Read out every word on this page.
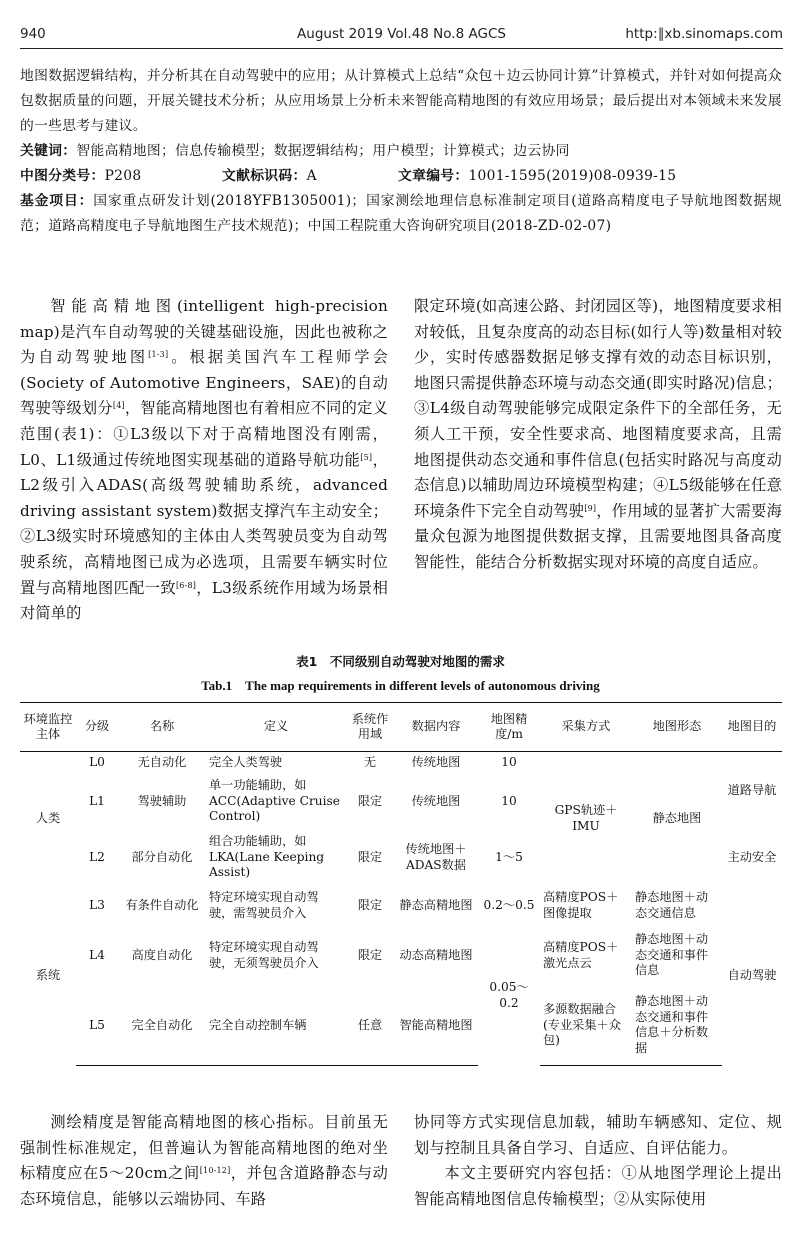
940	August 2019 Vol.48 No.8 AGCS	http:∥xb.sinomaps.com

地图数据逻辑结构，并分析其在自动驾驶中的应用；从计算模式上总结“众包＋边云协同计算”计算模式，并针对如何提高众包数据质量的问题，开展关键技术分析；从应用场景上分析未来智能高精地图的有效应用场景；最后提出对本领域未来发展的一些思考与建议。

关键词：智能高精地图；信息传输模型；数据逻辑结构；用户模型；计算模式；边云协同

中图分类号：P208	文献标识码：A	文章编号：1001-1595(2019)08-0939-15

基金项目：国家重点研发计划(2018YFB1305001)；国家测绘地理信息标准制定项目(道路高精度电子导航地图数据规范；道路高精度电子导航地图生产技术规范)；中国工程院重大咨询研究项目(2018-ZD-02-07)

智能高精地图(intelligent high-precision map)是汽车自动驾驶的关键基础设施，因此也被称之为自动驾驶地图[1-3]。根据美国汽车工程师学会(Society of Automotive Engineers，SAE)的自动驾驶等级划分[4]，智能高精地图也有着相应不同的定义范围(表1)：①L3级以下对于高精地图没有刚需，L0、L1级通过传统地图实现基础的道路导航功能[5]，L2级引入ADAS(高级驾驶辅助系统，advanced driving assistant system)数据支撑汽车主动安全；②L3级实时环境感知的主体由人类驾驶员变为自动驾驶系统，高精地图已成为必选项，且需要车辆实时位置与高精地图匹配一致[6-8]，L3级系统作用域为场景相对简单的

限定环境(如高速公路、封闭园区等)，地图精度要求相对较低，且复杂度高的动态目标(如行人等)数量相对较少，实时传感器数据足够支撑有效的动态目标识别，地图只需提供静态环境与动态交通(即实时路况)信息；③L4级自动驾驶能够完成限定条件下的全部任务，无须人工干预，安全性要求高、地图精度要求高，且需地图提供动态交通和事件信息(包括实时路况与高度动态信息)以辅助周边环境模型构建；④L5级能够在任意环境条件下完全自动驾驶[9]，作用域的显著扩大需要海量众包源为地图提供数据支撑，且需要地图具备高度智能性，能结合分析数据实现对环境的高度自适应。

表1　不同级别自动驾驶对地图的需求
Tab.1　The map requirements in different levels of autonomous driving
环境监控主体	分级	名称	定义	系统作用域	数据内容	地图精度/m	采集方式	地图形态	地图目的
人类	L0	无自动化	完全人类驾驶	无	传统地图	10	GPS轨迹＋IMU	静态地图	道路导航
	L1	驾驶辅助	单一功能辅助，如ACC(Adaptive Cruise Control)	限定	传统地图	10			
	L2	部分自动化	组合功能辅助，如LKA(Lane Keeping Assist)	限定	传统地图＋ADAS数据	1～5			主动安全
系统	L3	有条件自动化	特定环境实现自动驾驶，需驾驶员介入	限定	静态高精地图	0.2～0.5	高精度POS＋图像提取	静态地图＋动态交通信息	自动驾驶
	L4	高度自动化	特定环境实现自动驾驶，无须驾驶员介入	限定	动态高精地图	0.05～0.2	高精度POS＋激光点云	静态地图＋动态交通和事件信息	
	L5	完全自动化	完全自动控制车辆	任意	智能高精地图		多源数据融合(专业采集＋众包)	静态地图＋动态交通和事件信息＋分析数据	

测绘精度是智能高精地图的核心指标。目前虽无强制性标准规定，但普遍认为智能高精地图的绝对坐标精度应在5～20cm之间[10-12]，并包含道路静态与动态环境信息，能够以云端协同、车路

协同等方式实现信息加载，辅助车辆感知、定位、规划与控制且具备自学习、自适应、自评估能力。

本文主要研究内容包括：①从地图学理论上提出智能高精地图信息传输模型；②从实际使用
